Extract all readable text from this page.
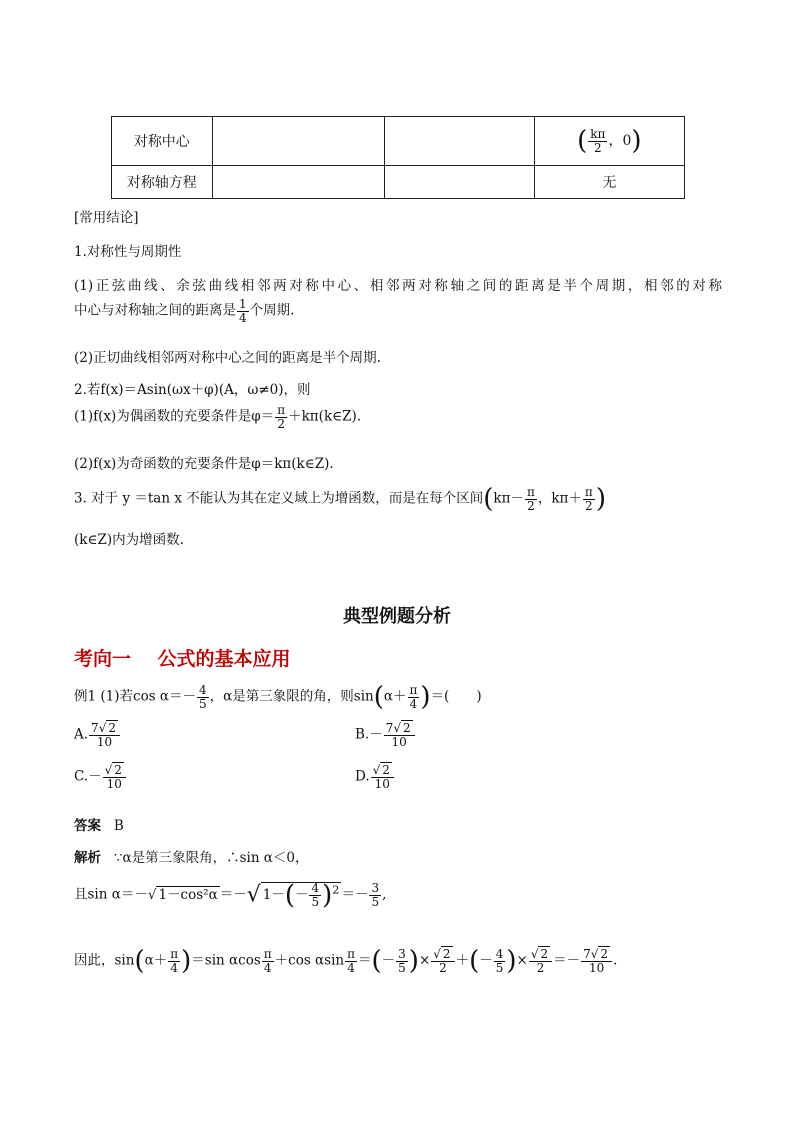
对称中心			( $\frac{k\pi}{2}$ ，0)
对称轴方程			无
[常用结论]
1.对称性与周期性
(1)正弦曲线、余弦曲线相邻两对称中心、相邻两对称轴之间的距离是半个周期，相邻的对称
中心与对称轴之间的距离是 $\frac{1}{4}$ 个周期.
(2)正切曲线相邻两对称中心之间的距离是半个周期.
2.若f(x)＝Asin(ωx＋φ)(A，ω≠0)，则
(1)f(x)为偶函数的充要条件是$\varphi= \frac{\pi}{2}$ ＋kπ(k∈Z).
(2)f(x)为奇函数的充要条件是φ＝kπ(k∈Z).
3. 对于 y ＝tan x 不能认为其在定义域上为增函数，而是在每个区间($k\pi- \frac{\pi}{2}$ ，$k\pi+ \frac{\pi}{2}$ )
(k∈Z)内为增函数.
典型例题分析
考向一    公式的基本应用
例1 (1)若$\cos \alpha=- \frac{4}{5}$ ，α是第三象限的角，则$\sin(\alpha+ \frac{\pi}{4}$ )＝(　　)
A. $\frac{7√ 2}{10}$	$B.- \frac{7√ 2}{10}$
$C.- \frac{√ 2}{10}$	D. $\frac{√ 2}{10}$
答案 B
解析 ∵α是第三象限角，∴sin α＜0，
且sin α＝－√ 1－cos²α ＝－√ $1-(- \frac{4}{5} )^2 =- \frac{3}{5}$ ,
因此，$\sin(\alpha+ \frac{\pi}{4} )=\sin$ αcos $\frac{\pi}{4} +\cos$ αsin $\frac{\pi}{4}$ ＝(－ $\frac{3}{5}$ )× $\frac{√ 2}{2}$ ＋(－ $\frac{4}{5}$ )× $\frac{√ 2}{2} =- \frac{7√ 2}{10}$ .
